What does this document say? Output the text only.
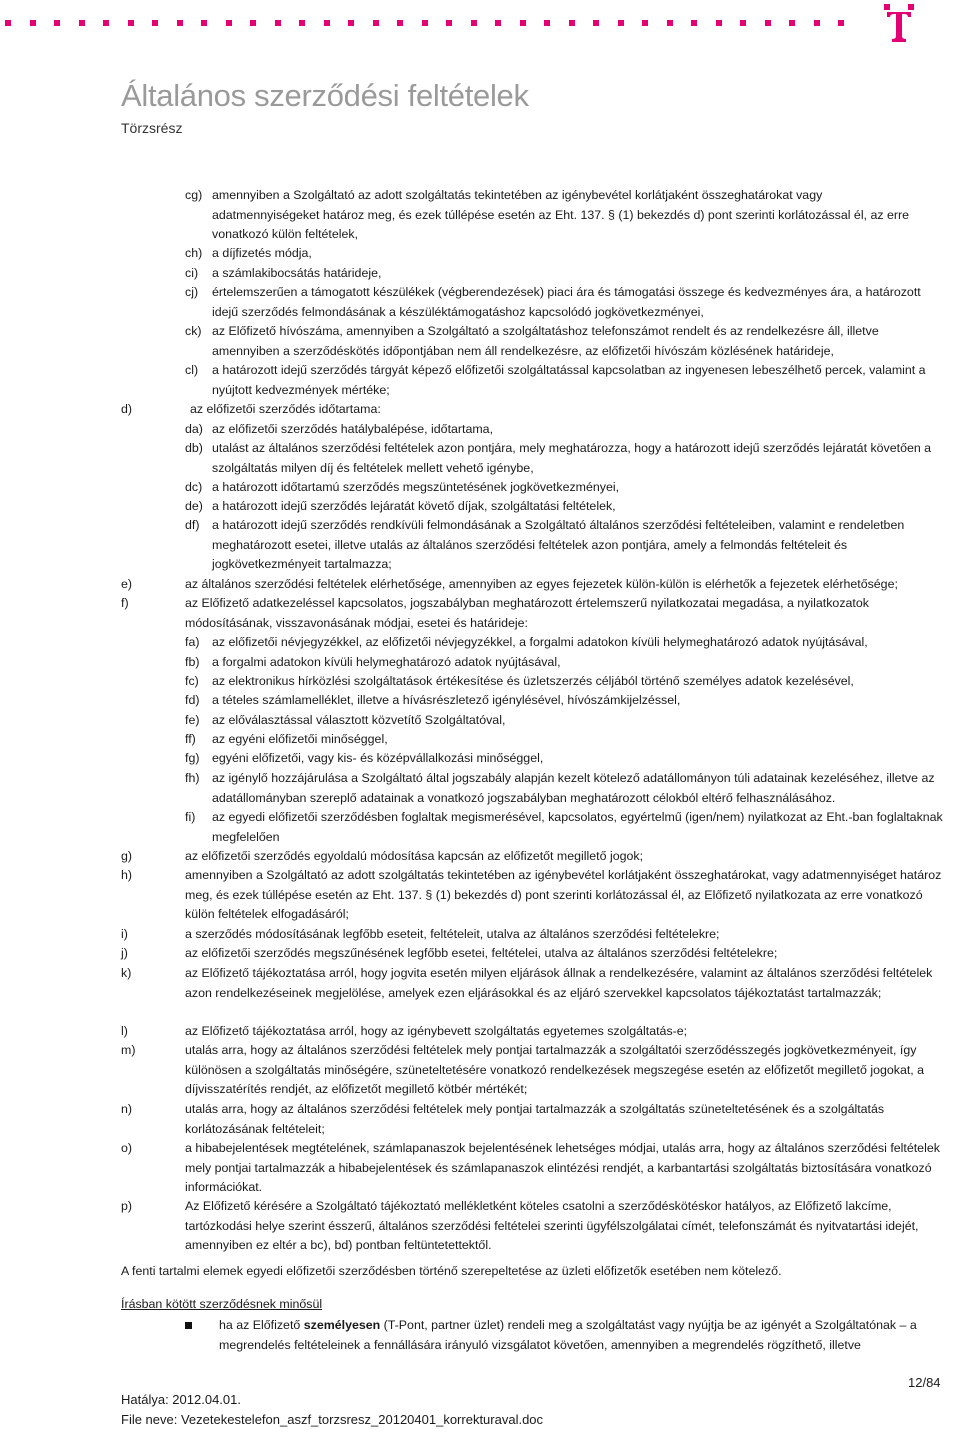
Általános szerződési feltételek
Törzsrész
cg) amennyiben a Szolgáltató az adott szolgáltatás tekintetében az igénybevétel korlátjaként összeghatárokat vagy adatmennyiségeket határoz meg, és ezek túllépése esetén az Eht. 137. § (1) bekezdés d) pont szerinti korlátozással él, az erre vonatkozó külön feltételek,
ch) a díjfizetés módja,
ci) a számlakibocsátás határideje,
cj) értelemszerűen a támogatott készülékek (végberendezések) piaci ára és támogatási összege és kedvezményes ára, a határozott idejű szerződés felmondásának a készüléktámogatáshoz kapcsolódó jogkövetkezményei,
ck) az Előfizető hívószáma, amennyiben a Szolgáltató a szolgáltatáshoz telefonszámot rendelt és az rendelkezésre áll, illetve amennyiben a szerződéskötés időpontjában nem áll rendelkezésre, az előfizetői hívószám közlésének határideje,
cl) a határozott idejű szerződés tárgyát képező előfizetői szolgáltatással kapcsolatban az ingyenesen lebeszélhető percek, valamint a nyújtott kedvezmények mértéke;
d)	az előfizetői szerződés időtartama:
da) az előfizetői szerződés hatálybalépése, időtartama,
db) utalást az általános szerződési feltételek azon pontjára, mely meghatározza, hogy a határozott idejű szerződés lejáratát követően a szolgáltatás milyen díj és feltételek mellett vehető igénybe,
dc) a határozott időtartamú szerződés megszüntetésének jogkövetkezményei,
de) a határozott idejű szerződés lejáratát követő díjak, szolgáltatási feltételek,
df) a határozott idejű szerződés rendkívüli felmondásának a Szolgáltató általános szerződési feltételeiben, valamint e rendeletben meghatározott esetei, illetve utalás az általános szerződési feltételek azon pontjára, amely a felmondás feltételeit és jogkövetkezményeit tartalmazza;
e)	az általános szerződési feltételek elérhetősége, amennyiben az egyes fejezetek külön-külön is elérhetők a fejezetek elérhetősége;
f)	az Előfizető adatkezeléssel kapcsolatos, jogszabályban meghatározott értelemszerű nyilatkozatai megadása, a nyilatkozatok módosításának, visszavonásának módjai, esetei és határideje:
fa) az előfizetői névjegyzékkel, az előfizetői névjegyzékkel, a forgalmi adatokon kívüli helymeghatározó adatok nyújtásával,
fb) a forgalmi adatokon kívüli helymeghatározó adatok nyújtásával,
fc) az elektronikus hírközlési szolgáltatások értékesítése és üzletszerzés céljából történő személyes adatok kezelésével,
fd) a tételes számlamelléklet, illetve a hívásrészletező igénylésével, hívószámkijelzéssel,
fe) az előválasztással választott közvetítő Szolgáltatóval,
ff) az egyéni előfizetői minőséggel,
fg) egyéni előfizetői, vagy kis- és középvállalkozási minőséggel,
fh) az igénylő hozzájárulása a Szolgáltató által jogszabály alapján kezelt kötelező adatállományon túli adatainak kezeléséhez, illetve az adatállományban szereplő adatainak a vonatkozó jogszabályban meghatározott célokból eltérő felhasználásához.
fi) az egyedi előfizetői szerződésben foglaltak megismerésével, kapcsolatos, egyértelmű (igen/nem) nyilatkozat az Eht.-ban foglaltaknak megfelelően
g)	az előfizetői szerződés egyoldalú módosítása kapcsán az előfizetőt megillető jogok;
h)	amennyiben a Szolgáltató az adott szolgáltatás tekintetében az igénybevétel korlátjaként összeghatárokat, vagy adatmennyiséget határoz meg, és ezek túllépése esetén az Eht. 137. § (1) bekezdés d) pont szerinti korlátozással él, az Előfizető nyilatkozata az erre vonatkozó külön feltételek elfogadásáról;
i)	a szerződés módosításának legfőbb eseteit, feltételeit, utalva az általános szerződési feltételekre;
j)	az előfizetői szerződés megszűnésének legfőbb esetei, feltételei, utalva az általános szerződési feltételekre;
k)	az Előfizető tájékoztatása arról, hogy jogvita esetén milyen eljárások állnak a rendelkezésére, valamint az általános szerződési feltételek azon rendelkezéseinek megjelölése, amelyek ezen eljárásokkal és az eljáró szervekkel kapcsolatos tájékoztatást tartalmazzák;
l)	az Előfizető tájékoztatása arról, hogy az igénybevett szolgáltatás egyetemes szolgáltatás-e;
m)	utalás arra, hogy az általános szerződési feltételek mely pontjai tartalmazzák a szolgáltatói szerződésszegés jogkövetkezményeit, így különösen a szolgáltatás minőségére, szüneteltetésére vonatkozó rendelkezések megszegése esetén az előfizetőt megillető jogokat, a díjvisszatérítés rendjét, az előfizetőt megillető kötbér mértékét;
n)	utalás arra, hogy az általános szerződési feltételek mely pontjai tartalmazzák a szolgáltatás szüneteltetésének és a szolgáltatás korlátozásának feltételeit;
o)	a hibabejelentések megtételének, számlapanaszok bejelentésének lehetséges módjai, utalás arra, hogy az általános szerződési feltételek mely pontjai tartalmazzák a hibabejelentések és számlapanaszok elintézési rendjét, a karbantartási szolgáltatás biztosítására vonatkozó információkat.
p)	Az Előfizető kérésére a Szolgáltató tájékoztató mellékletként köteles csatolni a szerződéskötéskor hatályos, az Előfizető lakcíme, tartózkodási helye szerint ésszerű, általános szerződési feltételei szerinti ügyfélszolgálatai címét, telefonszámát és nyitvatartási idejét, amennyiben ez eltér a bc), bd) pontban feltüntetettektől.
A fenti tartalmi elemek egyedi előfizetői szerződésben történő szerepeltetése az üzleti előfizetők esetében nem kötelező.
Írásban kötött szerződésnek minősül
ha az Előfizető személyesen (T-Pont, partner üzlet) rendeli meg a szolgáltatást vagy nyújtja be az igényét a Szolgáltatónak – a megrendelés feltételeinek a fennállására irányuló vizsgálatot követően, amennyiben a megrendelés rögzíthető, illetve
12/84
Hatálya: 2012.04.01.
File neve: Vezetekestelefon_aszf_torzsresz_20120401_korrekturaval.doc
